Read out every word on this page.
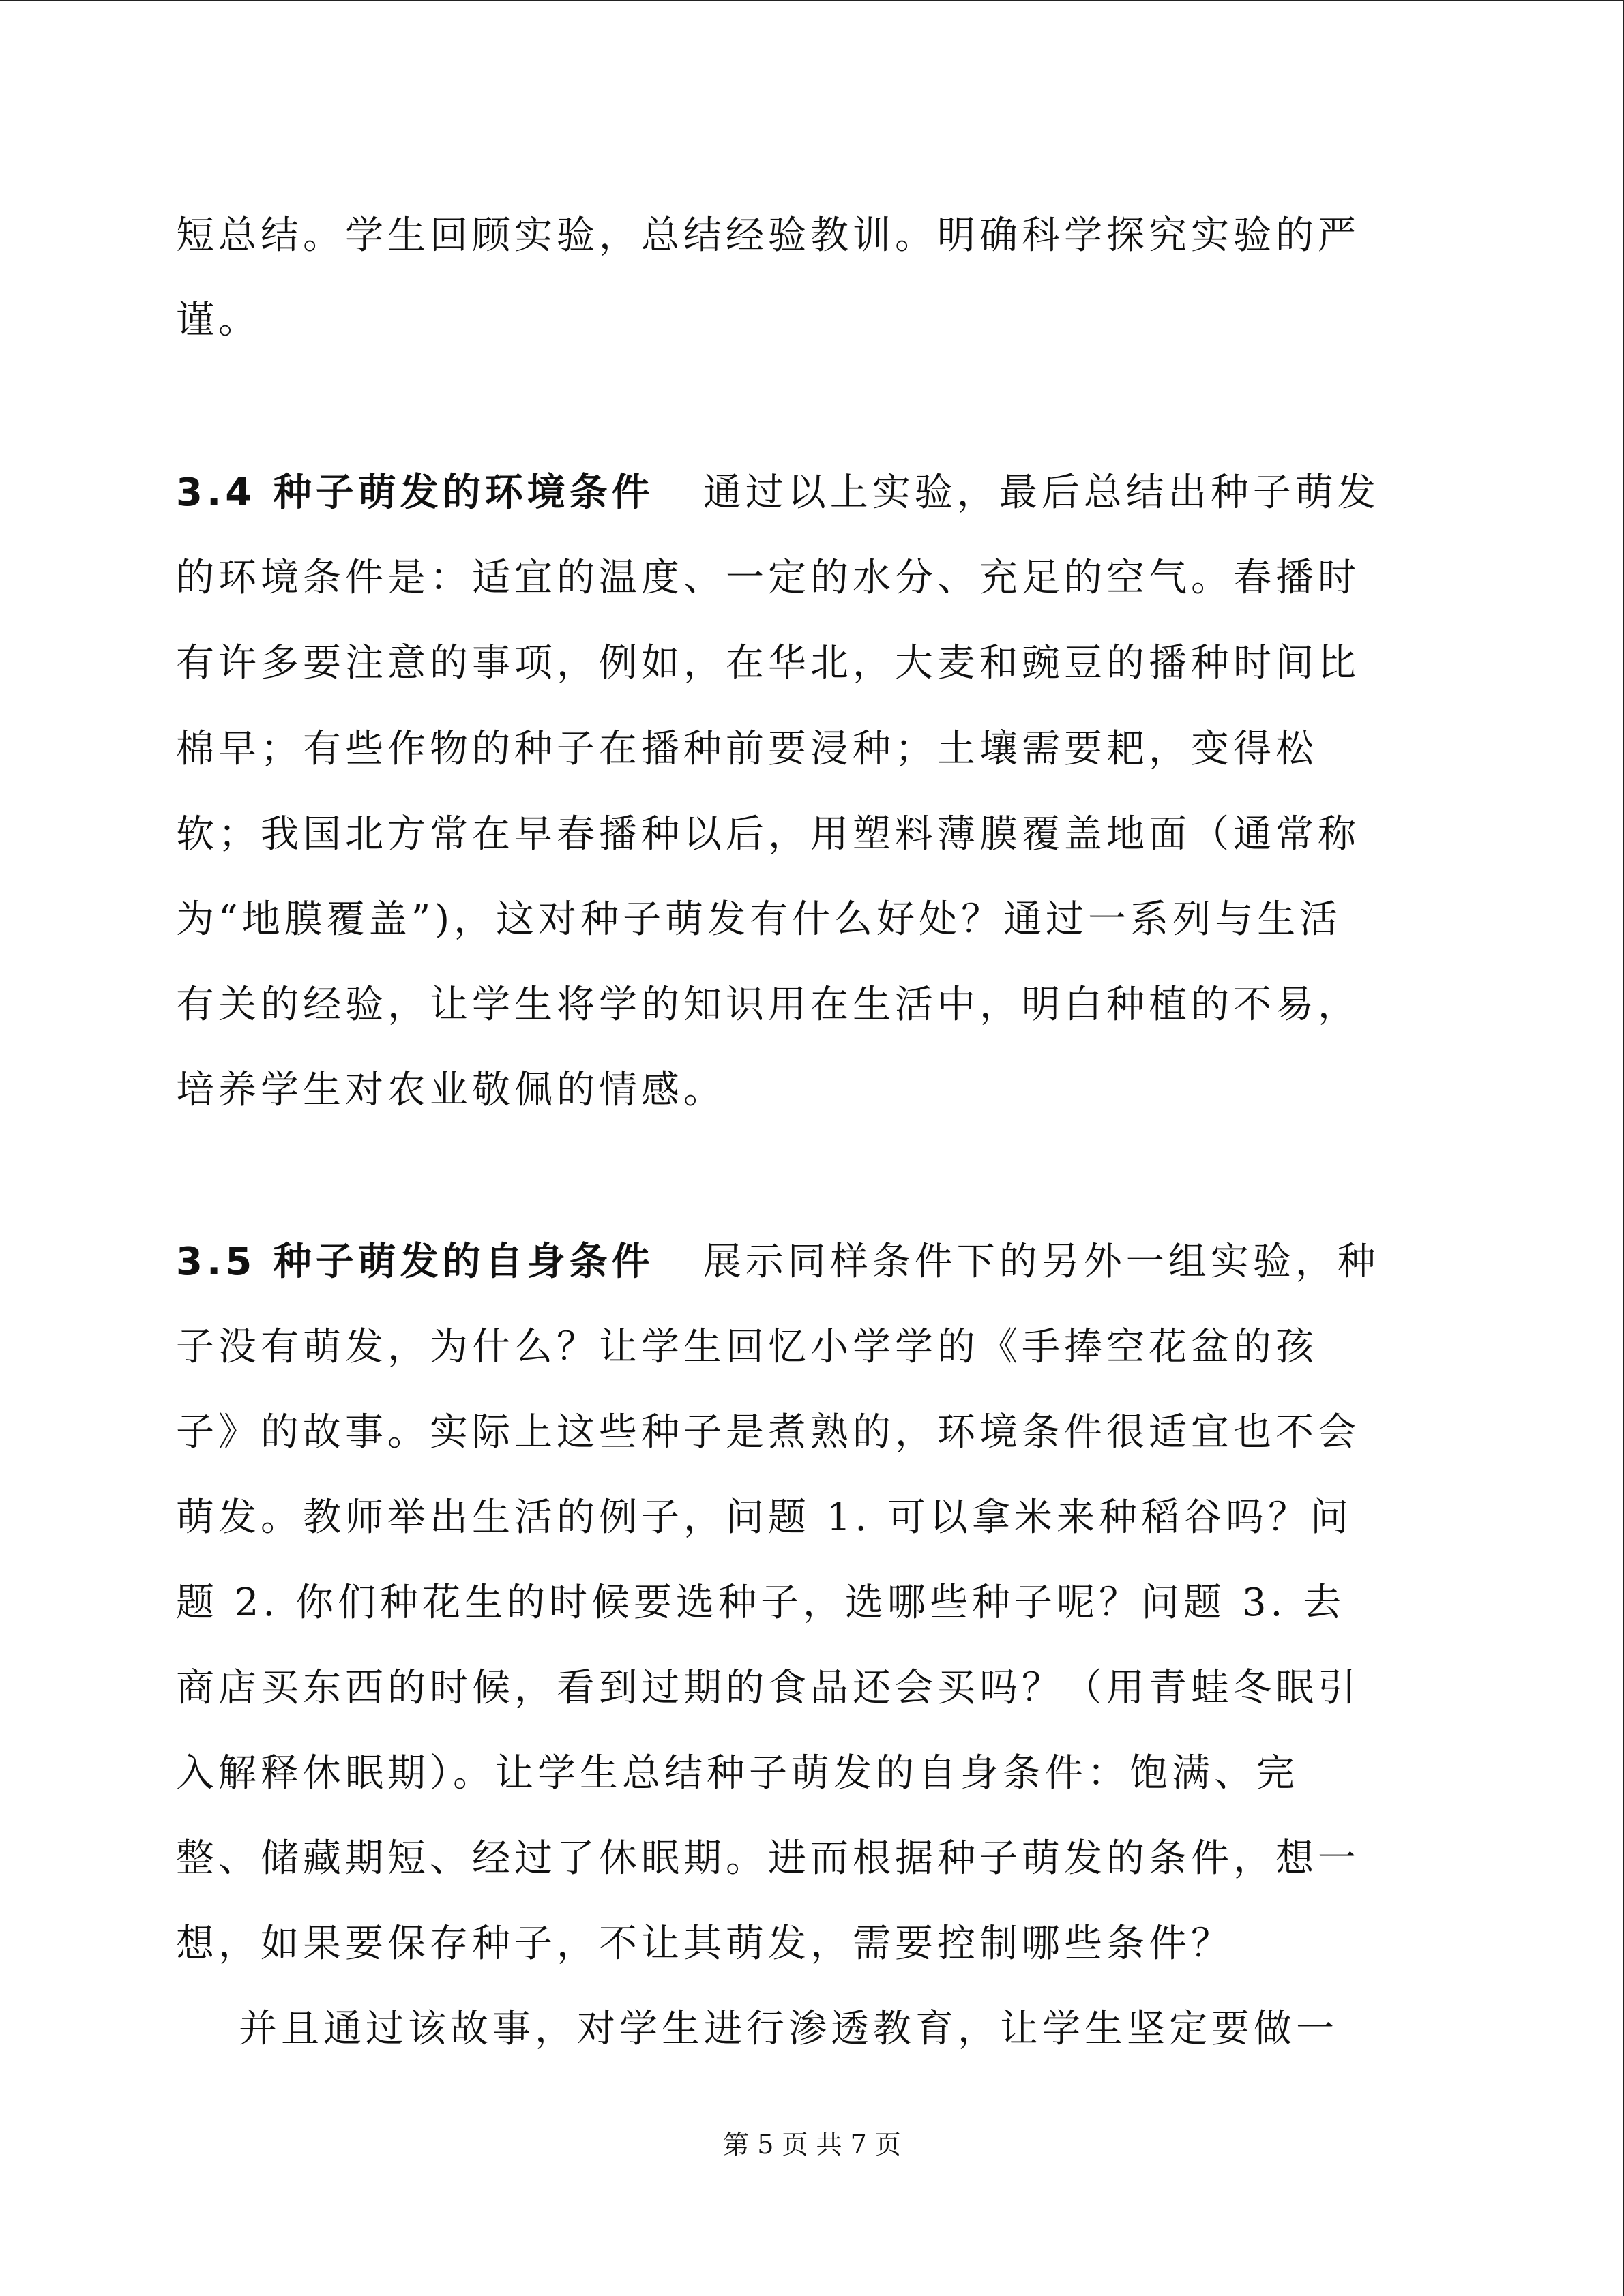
短总结。学生回顾实验，总结经验教训。明确科学探究实验的严
谨。
3.4 种子萌发的环境条件 通过以上实验，最后总结出种子萌发
的环境条件是：适宜的温度、一定的水分、充足的空气。春播时
有许多要注意的事项，例如，在华北，大麦和豌豆的播种时间比
棉早；有些作物的种子在播种前要浸种；土壤需要耙，变得松
软；我国北方常在早春播种以后，用塑料薄膜覆盖地面（通常称
为“地膜覆盖”)，这对种子萌发有什么好处？通过一系列与生活
有关的经验，让学生将学的知识用在生活中，明白种植的不易，
培养学生对农业敬佩的情感。
3.5 种子萌发的自身条件 展示同样条件下的另外一组实验，种
子没有萌发，为什么？让学生回忆小学学的《手捧空花盆的孩
子》的故事。实际上这些种子是煮熟的，环境条件很适宜也不会
萌发。教师举出生活的例子，问题 1. 可以拿米来种稻谷吗？问
题 2. 你们种花生的时候要选种子，选哪些种子呢？问题 3. 去
商店买东西的时候，看到过期的食品还会买吗？（用青蛙冬眠引
入解释休眠期）。让学生总结种子萌发的自身条件：饱满、完
整、储藏期短、经过了休眠期。进而根据种子萌发的条件，想一
想，如果要保存种子，不让其萌发，需要控制哪些条件？
并且通过该故事，对学生进行渗透教育，让学生坚定要做一
第 5 页 共 7 页
